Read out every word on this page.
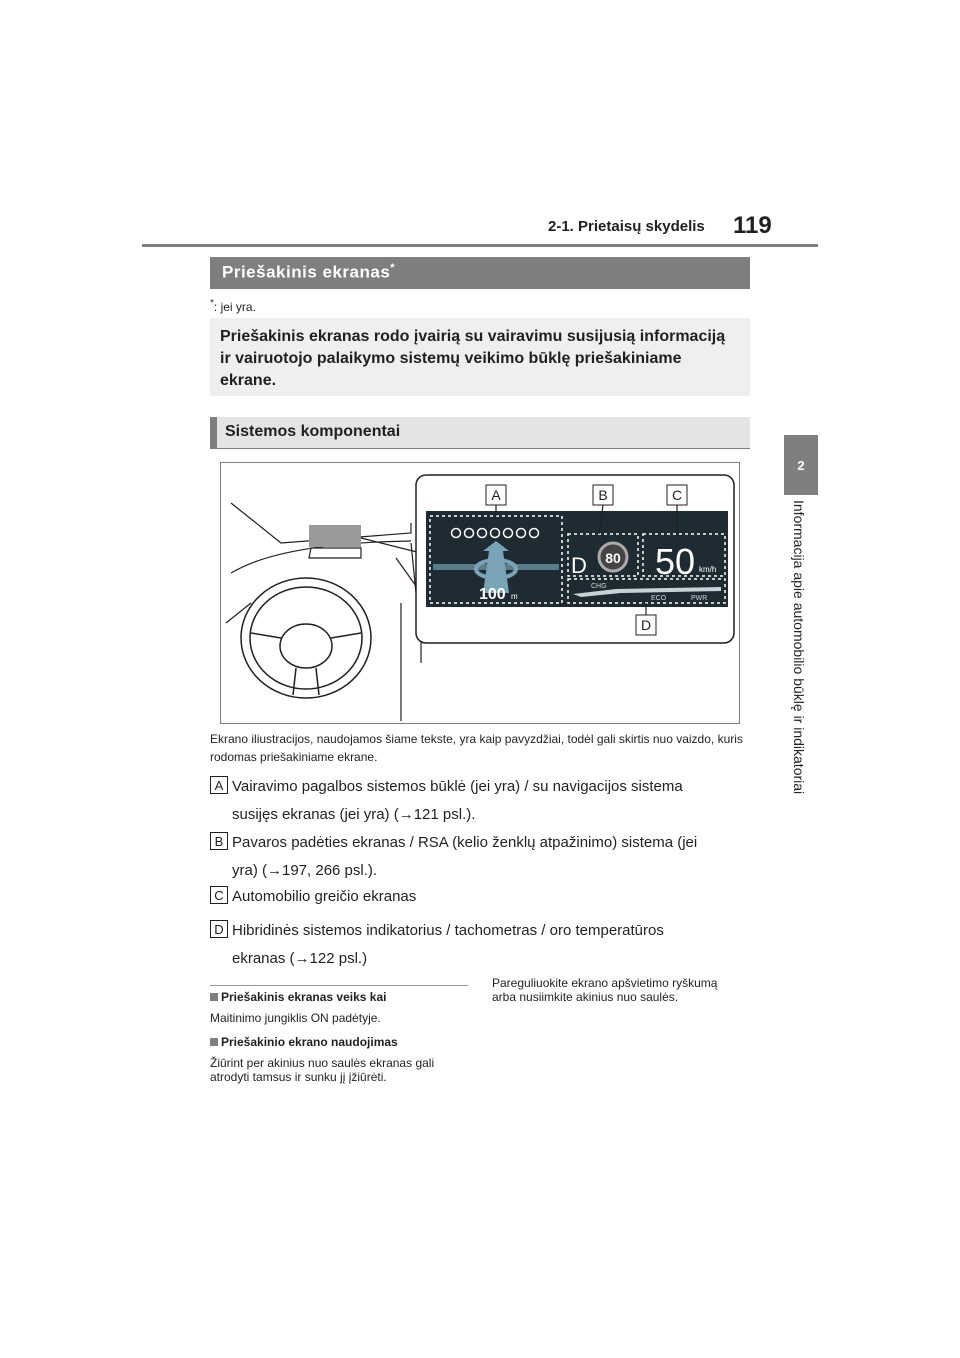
2-1. Prietaisų skydelis 119
2
Informacija apie automobilio būklę ir indikatoriai
Priešakinis ekranas*
*: jei yra.

Priešakinis ekranas rodo įvairią su vairavimu susijusią informaciją ir vairuotojo palaikymo sistemų veikimo būklę priešakiniame ekrane.

Sistemos komponentai
100 m
D 80 50 km/h
CHG
ECO	PWR
A	B	C
D
Ekrano iliustracijos, naudojamos šiame tekste, yra kaip pavyzdžiai, todėl gali skirtis nuo vaizdo, kuris rodomas priešakiniame ekrane.
A Vairavimo pagalbos sistemos būklė (jei yra) / su navigacijos sistema
susijęs ekranas (jei yra) (→121 psl.).
B Pavaros padėties ekranas / RSA (kelio ženklų atpažinimo) sistema (jei
yra) (→197, 266 psl.).
C Automobilio greičio ekranas
D Hibridinės sistemos indikatorius / tachometras / oro temperatūros
ekranas (→122 psl.)
Priešakinis ekranas veiks kai
Maitinimo jungiklis ON padėtyje.
Priešakinio ekrano naudojimas
Žiūrint per akinius nuo saulės ekranas gali atrodyti tamsus ir sunku jį įžiūrėti.
Pareguliuokite ekrano apšvietimo ryškumą arba nusiimkite akinius nuo saulės.
